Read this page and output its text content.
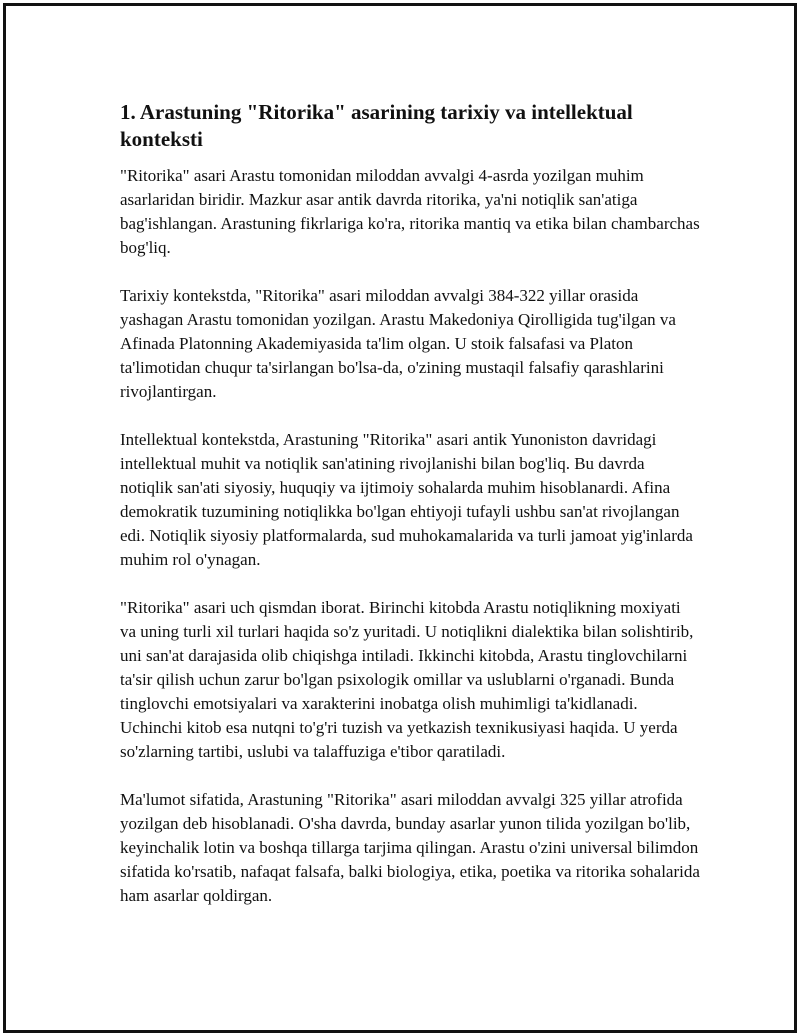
1. Arastuning "Ritorika" asarining tarixiy va intellektual konteksti

"Ritorika" asari Arastu tomonidan miloddan avvalgi 4-asrda yozilgan muhim asarlaridan biridir. Mazkur asar antik davrda ritorika, ya'ni notiqlik san'atiga bag'ishlangan. Arastuning fikrlariga ko'ra, ritorika mantiq va etika bilan chambarchas bog'liq.

Tarixiy kontekstda, "Ritorika" asari miloddan avvalgi 384-322 yillar orasida yashagan Arastu tomonidan yozilgan. Arastu Makedoniya Qirolligida tug'ilgan va Afinada Platonning Akademiyasida ta'lim olgan. U stoik falsafasi va Platon ta'limotidan chuqur ta'sirlangan bo'lsa-da, o'zining mustaqil falsafiy qarashlarini rivojlantirgan.

Intellektual kontekstda, Arastuning "Ritorika" asari antik Yunoniston davridagi intellektual muhit va notiqlik san'atining rivojlanishi bilan bog'liq. Bu davrda notiqlik san'ati siyosiy, huquqiy va ijtimoiy sohalarda muhim hisoblanardi. Afina demokratik tuzumining notiqlikka bo'lgan ehtiyoji tufayli ushbu san'at rivojlangan edi. Notiqlik siyosiy platformalarda, sud muhokamalarida va turli jamoat yig'inlarda muhim rol o'ynagan.

"Ritorika" asari uch qismdan iborat. Birinchi kitobda Arastu notiqlikning moxiyati va uning turli xil turlari haqida so'z yuritadi. U notiqlikni dialektika bilan solishtirib, uni san'at darajasida olib chiqishga intiladi. Ikkinchi kitobda, Arastu tinglovchilarni ta'sir qilish uchun zarur bo'lgan psixologik omillar va uslublarni o'rganadi. Bunda tinglovchi emotsiyalari va xarakterini inobatga olish muhimligi ta'kidlanadi. Uchinchi kitob esa nutqni to'g'ri tuzish va yetkazish texnikusiyasi haqida. U yerda so'zlarning tartibi, uslubi va talaffuziga e'tibor qaratiladi.

Ma'lumot sifatida, Arastuning "Ritorika" asari miloddan avvalgi 325 yillar atrofida yozilgan deb hisoblanadi. O'sha davrda, bunday asarlar yunon tilida yozilgan bo'lib, keyinchalik lotin va boshqa tillarga tarjima qilingan. Arastu o'zini universal bilimdon sifatida ko'rsatib, nafaqat falsafa, balki biologiya, etika, poetika va ritorika sohalarida ham asarlar qoldirgan.
